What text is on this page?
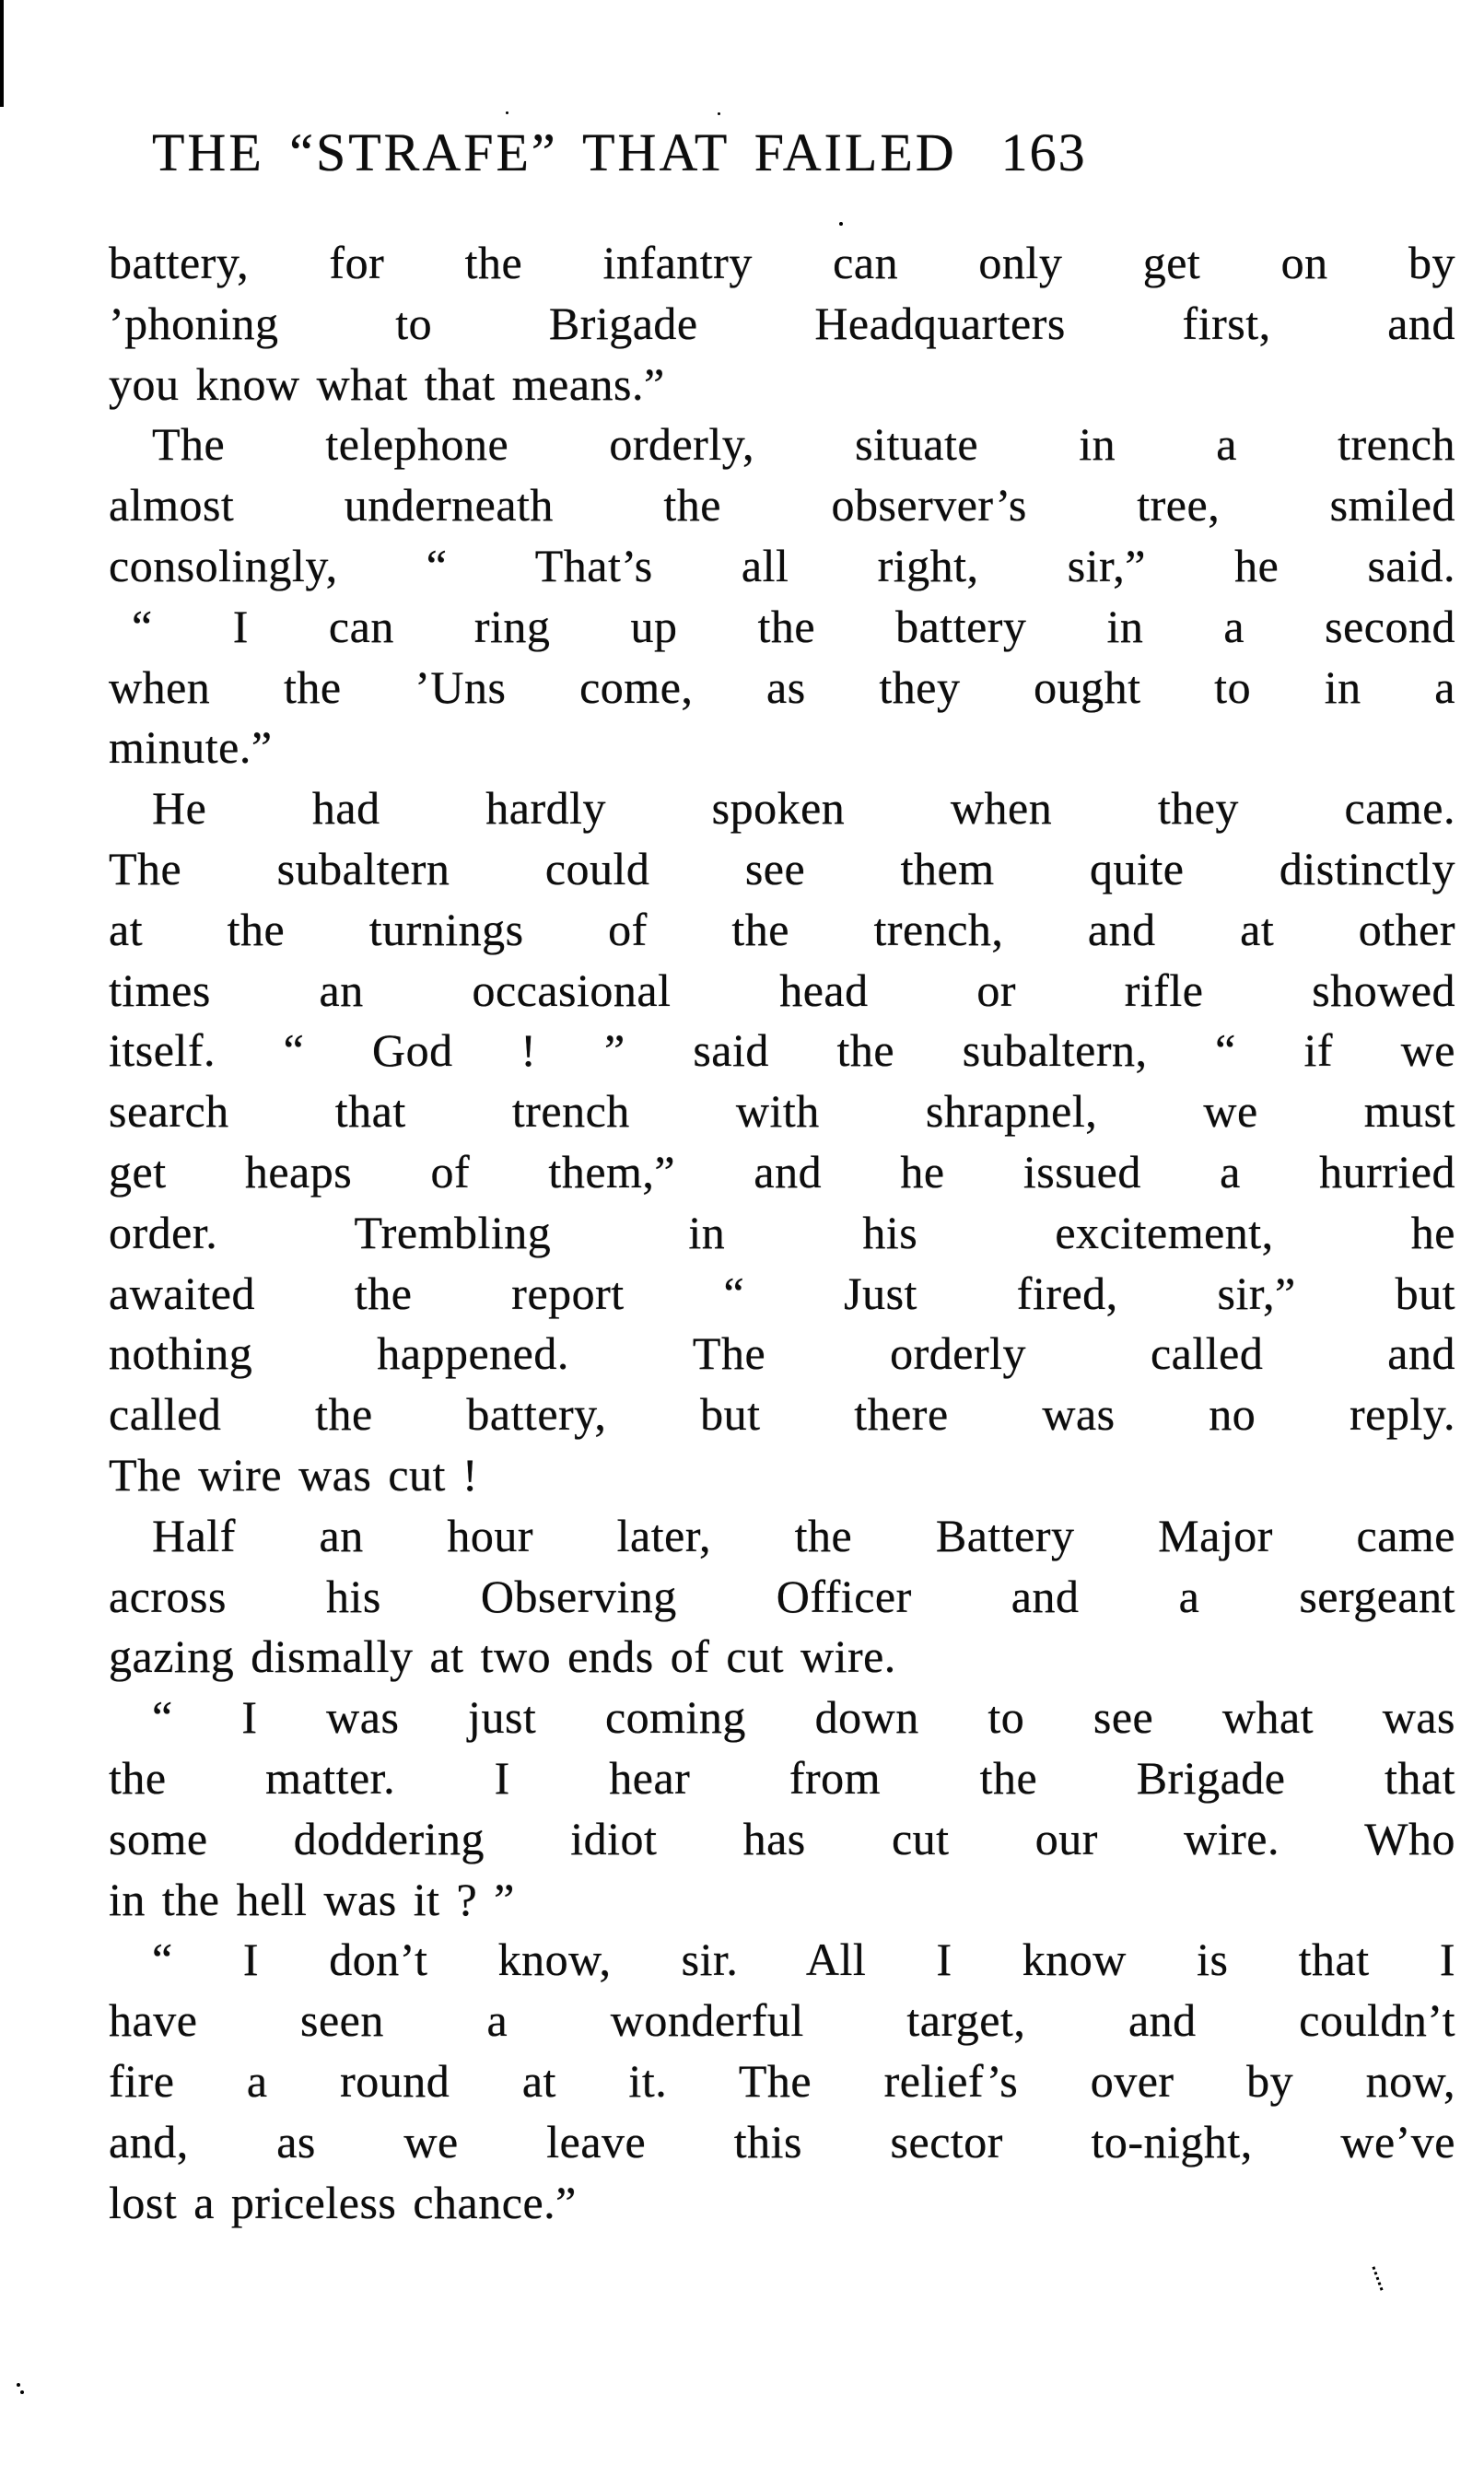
THE “STRAFE” THAT FAILED 163
battery, for the infantry can only get on by
’phoning to Brigade Headquarters first, and
you know what that means.”
The telephone orderly, situate in a trench
almost underneath the observer’s tree, smiled
consolingly, “ That’s all right, sir,” he said.
“ I can ring up the battery in a second
when the ’Uns come, as they ought to in a
minute.”
He had hardly spoken when they came.
The subaltern could see them quite distinctly
at the turnings of the trench, and at other
times an occasional head or rifle showed
itself. “ God ! ” said the subaltern, “ if we
search that trench with shrapnel, we must
get heaps of them,” and he issued a hurried
order. Trembling in his excitement, he
awaited the report “ Just fired, sir,” but
nothing happened. The orderly called and
called the battery, but there was no reply.
The wire was cut !
Half an hour later, the Battery Major came
across his Observing Officer and a sergeant
gazing dismally at two ends of cut wire.
“ I was just coming down to see what was
the matter. I hear from the Brigade that
some doddering idiot has cut our wire. Who
in the hell was it ? ”
“ I don’t know, sir. All I know is that I
have seen a wonderful target, and couldn’t
fire a round at it. The relief’s over by now,
and, as we leave this sector to-night, we’ve
lost a priceless chance.”
